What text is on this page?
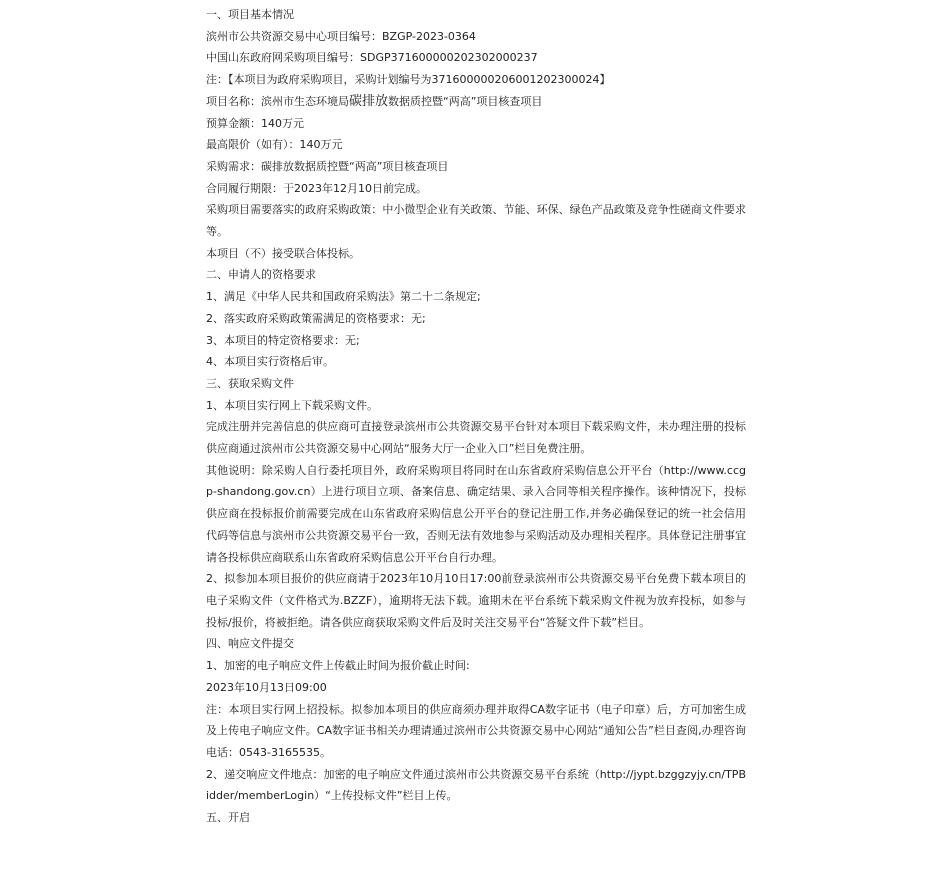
一、项目基本情况
滨州市公共资源交易中心项目编号：BZGP-2023-0364
中国山东政府网采购项目编号：SDGP371600000202302000237
注：【本项目为政府采购项目，采购计划编号为371600000206001202300024】
项目名称：滨州市生态环境局碳排放数据质控暨“两高”项目核查项目
预算金额：140万元
最高限价（如有）：140万元
采购需求：碳排放数据质控暨“两高”项目核查项目
合同履行期限：于2023年12月10日前完成。
采购项目需要落实的政府采购政策：中小微型企业有关政策、节能、环保、绿色产品政策及竞争性磋商文件要求等。
本项目（不）接受联合体投标。
二、申请人的资格要求
1、满足《中华人民共和国政府采购法》第二十二条规定;
2、落实政府采购政策需满足的资格要求：无;
3、本项目的特定资格要求：无;
4、本项目实行资格后审。
三、获取采购文件
1、本项目实行网上下载采购文件。
完成注册并完善信息的供应商可直接登录滨州市公共资源交易平台针对本项目下载采购文件，未办理注册的投标供应商通过滨州市公共资源交易中心网站“服务大厅一企业入口”栏目免费注册。
其他说明：除采购人自行委托项目外，政府采购项目将同时在山东省政府采购信息公开平台（http://www.ccgp-shandong.gov.cn）上进行项目立项、备案信息、确定结果、录入合同等相关程序操作。该种情况下，投标供应商在投标报价前需要完成在山东省政府采购信息公开平台的登记注册工作,并务必确保登记的统一社会信用代码等信息与滨州市公共资源交易平台一致，否则无法有效地参与采购活动及办理相关程序。具体登记注册事宜请各投标供应商联系山东省政府采购信息公开平台自行办理。
2、拟参加本项目报价的供应商请于2023年10月10日17:00前登录滨州市公共资源交易平台免费下载本项目的电子采购文件（文件格式为.BZZF），逾期将无法下载。逾期未在平台系统下载采购文件视为放弃投标，如参与投标/报价，将被拒绝。请各供应商获取采购文件后及时关注交易平台“答疑文件下载”栏目。
四、响应文件提交
1、加密的电子响应文件上传截止时间为报价截止时间:
2023年10月13日09:00
注：本项目实行网上招投标。拟参加本项目的供应商须办理并取得CA数字证书（电子印章）后，方可加密生成及上传电子响应文件。CA数字证书相关办理请通过滨州市公共资源交易中心网站“通知公告”栏目查阅,办理咨询电话：0543-3165535。
2、递交响应文件地点：加密的电子响应文件通过滨州市公共资源交易平台系统（http://jypt.bzggzyjy.cn/TPBidder/memberLogin）“上传投标文件”栏目上传。
五、开启
